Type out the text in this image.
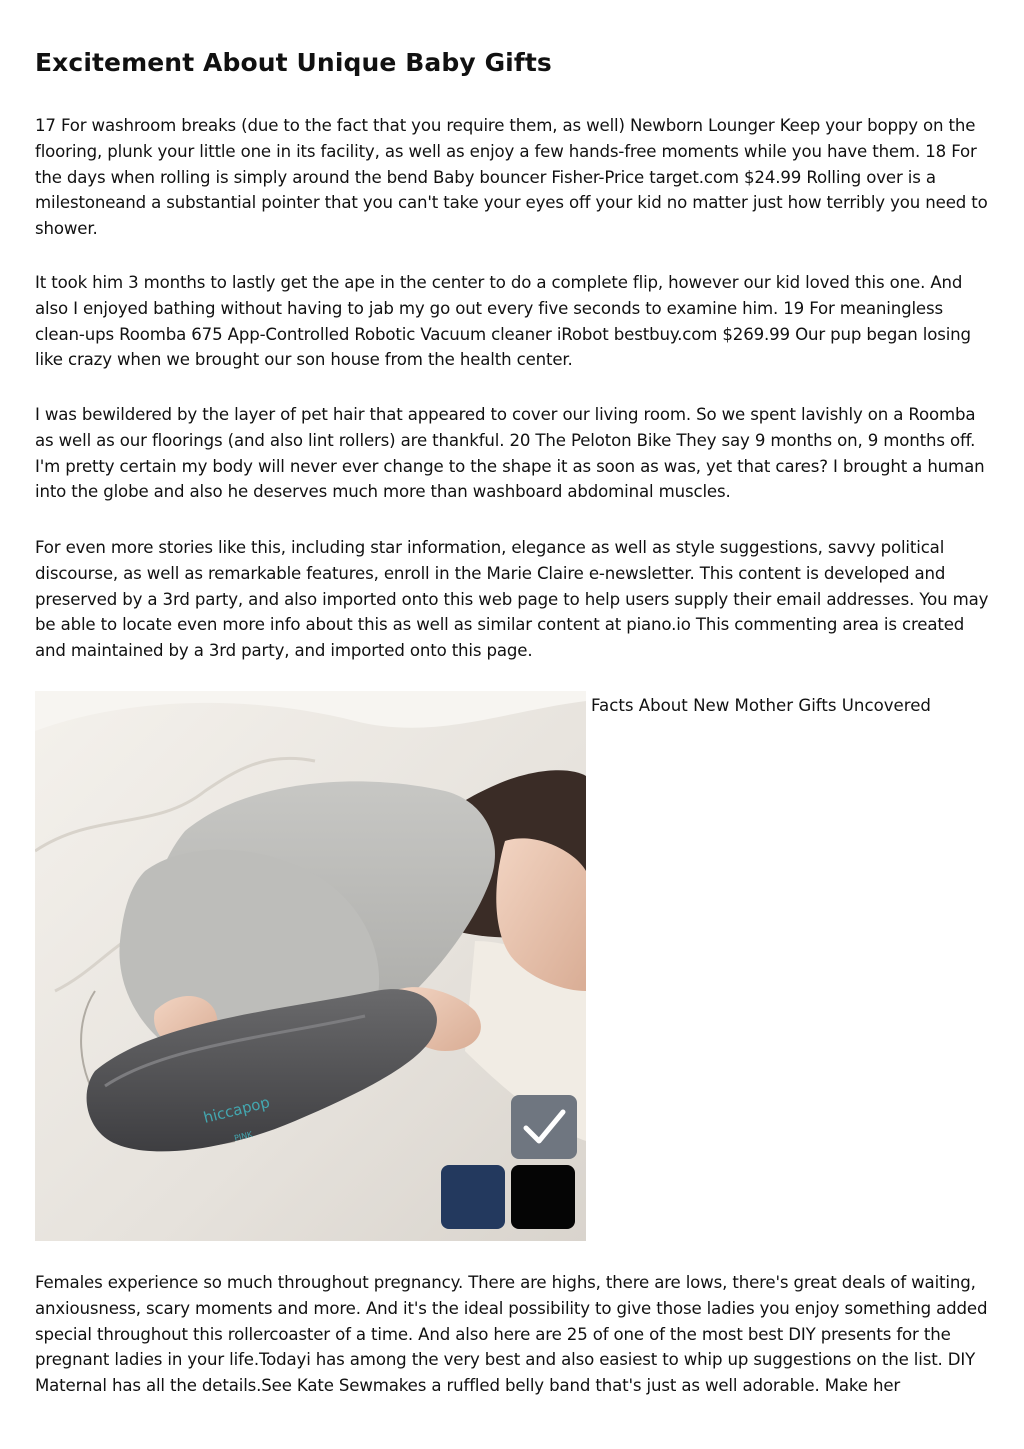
Excitement About Unique Baby Gifts

17 For washroom breaks (due to the fact that you require them, as well) Newborn Lounger Keep your boppy on the flooring, plunk your little one in its facility, as well as enjoy a few hands-free moments while you have them. 18 For the days when rolling is simply around the bend Baby bouncer Fisher-Price target.com $24.99 Rolling over is a milestoneand a substantial pointer that you can't take your eyes off your kid no matter just how terribly you need to shower.

It took him 3 months to lastly get the ape in the center to do a complete flip, however our kid loved this one. And also I enjoyed bathing without having to jab my go out every five seconds to examine him. 19 For meaningless clean-ups Roomba 675 App-Controlled Robotic Vacuum cleaner iRobot bestbuy.com $269.99 Our pup began losing like crazy when we brought our son house from the health center.

I was bewildered by the layer of pet hair that appeared to cover our living room. So we spent lavishly on a Roomba as well as our floorings (and also lint rollers) are thankful. 20 The Peloton Bike They say 9 months on, 9 months off. I'm pretty certain my body will never ever change to the shape it as soon as was, yet that cares? I brought a human into the globe and also he deserves much more than washboard abdominal muscles.

For even more stories like this, including star information, elegance as well as style suggestions, savvy political discourse, as well as remarkable features, enroll in the Marie Claire e-newsletter. This content is developed and preserved by a 3rd party, and also imported onto this web page to help users supply their email addresses. You may be able to locate even more info about this as well as similar content at piano.io This commenting area is created and maintained by a 3rd party, and imported onto this page.

hiccapop
PINK
Facts About New Mother Gifts Uncovered

Females experience so much throughout pregnancy. There are highs, there are lows, there's great deals of waiting, anxiousness, scary moments and more. And it's the ideal possibility to give those ladies you enjoy something added special throughout this rollercoaster of a time. And also here are 25 of one of the most best DIY presents for the pregnant ladies in your life.Todayi has among the very best and also easiest to whip up suggestions on the list. DIY Maternal has all the details.See Kate Sewmakes a ruffled belly band that's just as well adorable. Make her
